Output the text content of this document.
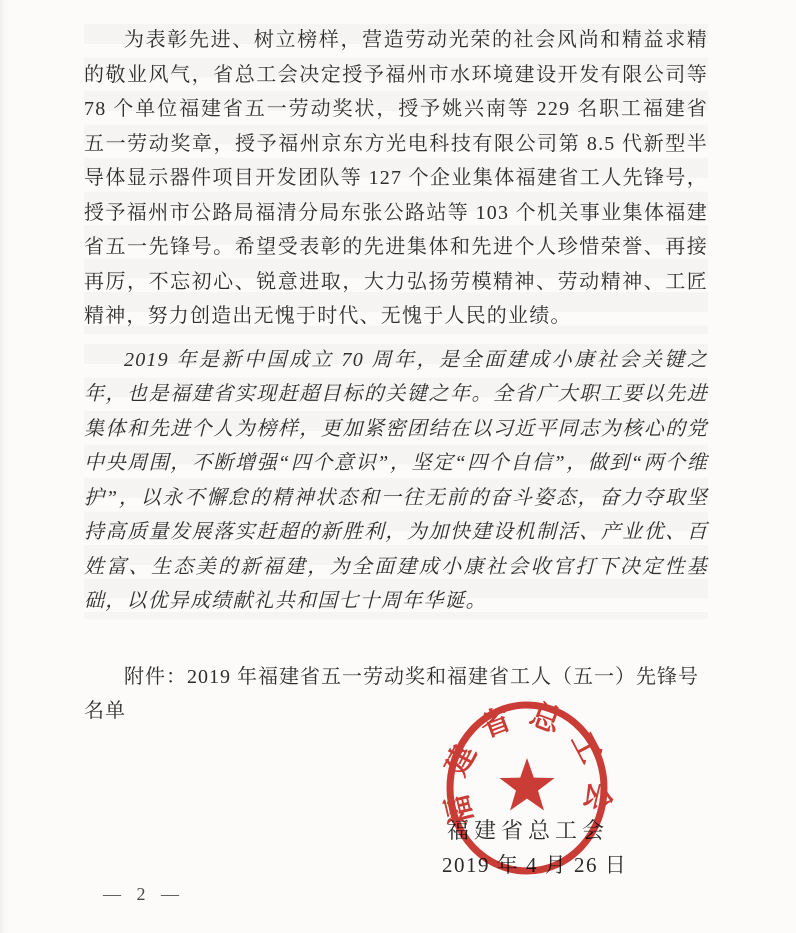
为表彰先进、树立榜样，营造劳动光荣的社会风尚和精益求精的敬业风气，省总工会决定授予福州市水环境建设开发有限公司等 78 个单位福建省五一劳动奖状，授予姚兴南等 229 名职工福建省五一劳动奖章，授予福州京东方光电科技有限公司第 8.5 代新型半导体显示器件项目开发团队等 127 个企业集体福建省工人先锋号，授予福州市公路局福清分局东张公路站等 103 个机关事业集体福建省五一先锋号。希望受表彰的先进集体和先进个人珍惜荣誉、再接再厉，不忘初心、锐意进取，大力弘扬劳模精神、劳动精神、工匠精神，努力创造出无愧于时代、无愧于人民的业绩。

2019 年是新中国成立 70 周年，是全面建成小康社会关键之年，也是福建省实现赶超目标的关键之年。全省广大职工要以先进集体和先进个人为榜样，更加紧密团结在以习近平同志为核心的党中央周围，不断增强“四个意识”，坚定“四个自信”，做到“两个维护”，以永不懈怠的精神状态和一往无前的奋斗姿态，奋力夺取坚持高质量发展落实赶超的新胜利，为加快建设机制活、产业优、百姓富、生态美的新福建，为全面建成小康社会收官打下决定性基础，以优异成绩献礼共和国七十周年华诞。

附件：2019 年福建省五一劳动奖和福建省工人（五一）先锋号名单

福建省总工会
2019 年 4 月 26 日
福建省总工会
— 2 —
